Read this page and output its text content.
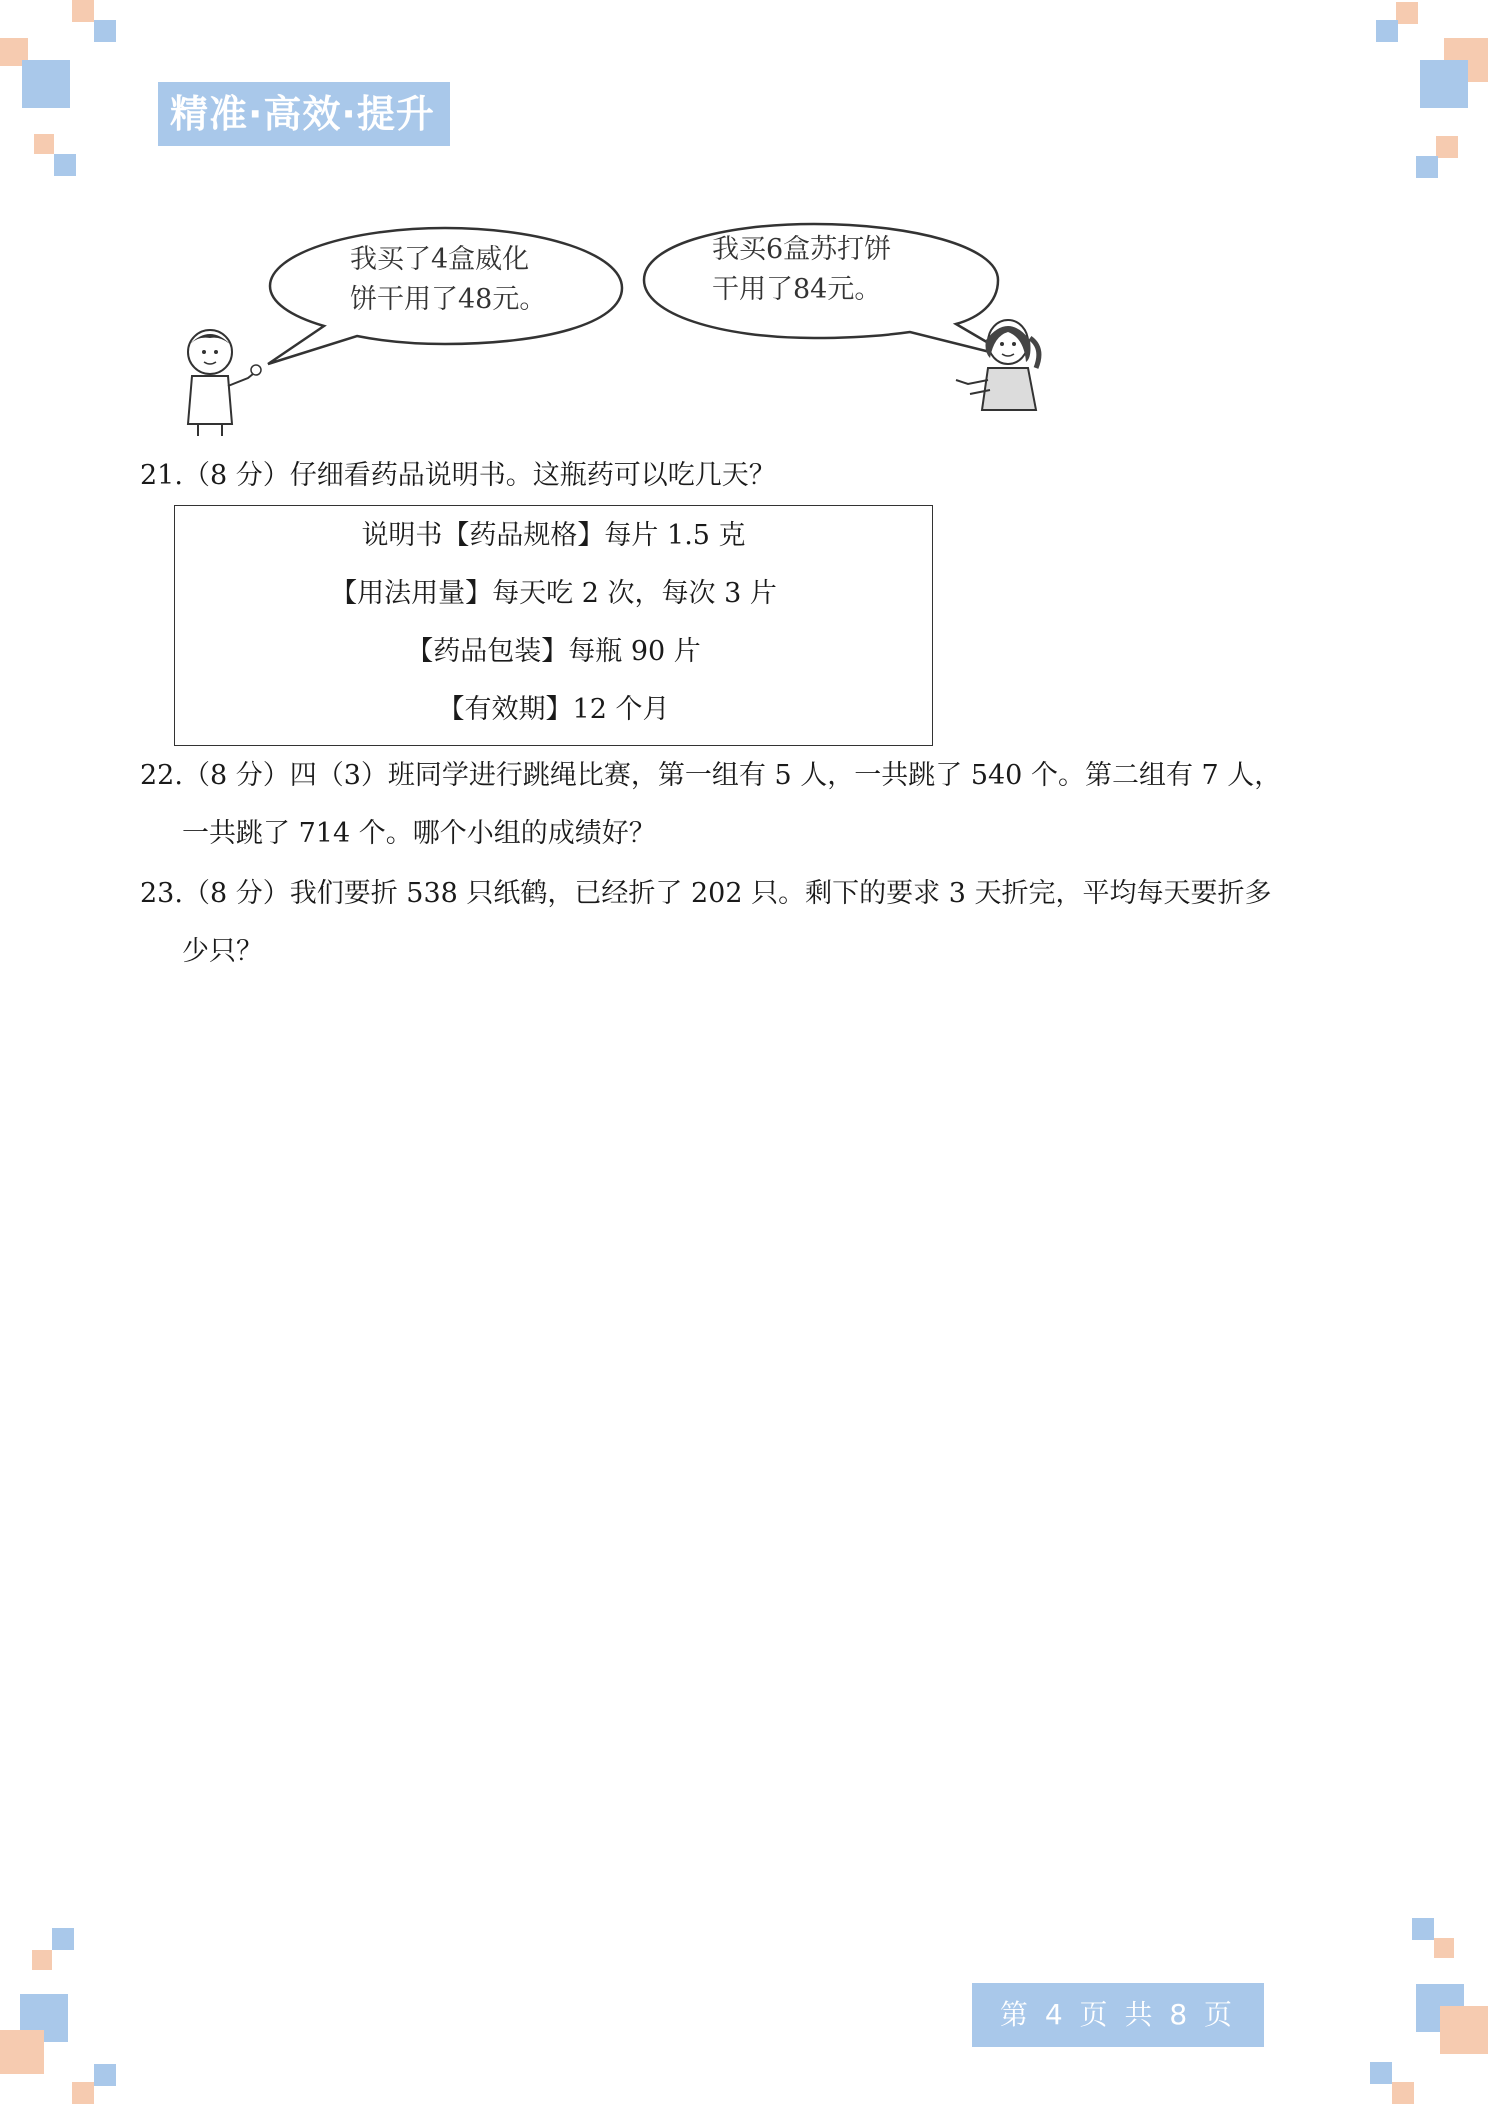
精准·高效·提升
我买了4盒威化
饼干用了48元。
我买6盒苏打饼
干用了84元。
21.（8 分）仔细看药品说明书。这瓶药可以吃几天？
说明书【药品规格】每片 1.5 克
【用法用量】每天吃 2 次，每次 3 片
【药品包装】每瓶 90 片
【有效期】12 个月
22.（8 分）四（3）班同学进行跳绳比赛，第一组有 5 人，一共跳了 540 个。第二组有 7 人，
一共跳了 714 个。哪个小组的成绩好？
23.（8 分）我们要折 538 只纸鹤，已经折了 202 只。剩下的要求 3 天折完，平均每天要折多
少只？
第 4 页 共 8 页
